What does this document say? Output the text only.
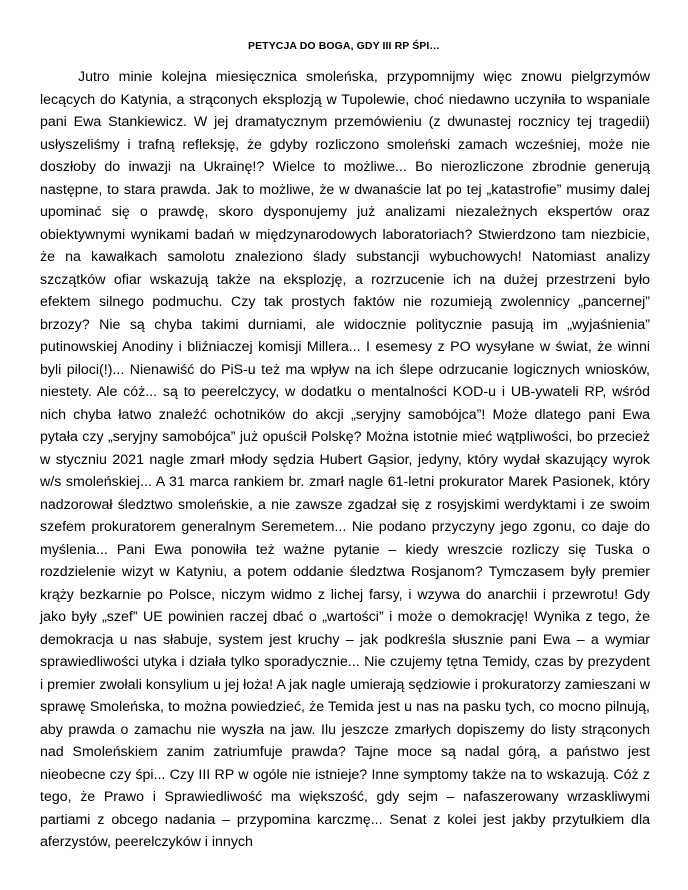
PETYCJA DO BOGA, GDY III RP ŚPI…

Jutro minie kolejna miesięcznica smoleńska, przypomnijmy więc znowu pielgrzymów lecących do Katynia, a strąconych eksplozją w Tupolewie, choć niedawno uczyniła to wspaniale pani Ewa Stankiewicz. W jej dramatycznym przemówieniu (z dwunastej rocznicy tej tragedii) usłyszeliśmy i trafną refleksję, że gdyby rozliczono smoleński zamach wcześniej, może nie doszłoby do inwazji na Ukrainę!? Wielce to możliwe... Bo nierozliczone zbrodnie generują następne, to stara prawda. Jak to możliwe, że w dwanaście lat po tej „katastrofie” musimy dalej upominać się o prawdę, skoro dysponujemy już analizami niezależnych ekspertów oraz obiektywnymi wynikami badań w międzynarodowych laboratoriach? Stwierdzono tam niezbicie, że na kawałkach samolotu znaleziono ślady substancji wybuchowych! Natomiast analizy szczątków ofiar wskazują także na eksplozję, a rozrzucenie ich na dużej przestrzeni było efektem silnego podmuchu. Czy tak prostych faktów nie rozumieją zwolennicy „pancernej” brzozy? Nie są chyba takimi durniami, ale widocznie politycznie pasują im „wyjaśnienia” putinowskiej Anodiny i bliźniaczej komisji Millera... I esemesy z PO wysyłane w świat, że winni byli piloci(!)... Nienawiść do PiS-u też ma wpływ na ich ślepe odrzucanie logicznych wniosków, niestety. Ale cóż... są to peerelczycy, w dodatku o mentalności KOD-u i UB-ywateli RP, wśród nich chyba łatwo znaleźć ochotników do akcji „seryjny samobójca”! Może dlatego pani Ewa pytała czy „seryjny samobójca” już opuścił Polskę? Można istotnie mieć wątpliwości, bo przecież w styczniu 2021 nagle zmarł młody sędzia Hubert Gąsior, jedyny, który wydał skazujący wyrok w/s smoleńskiej... A 31 marca rankiem br. zmarł nagle 61-letni prokurator Marek Pasionek, który nadzorował śledztwo smoleńskie, a nie zawsze zgadzał się z rosyjskimi werdyktami i ze swoim szefem prokuratorem generalnym Seremetem... Nie podano przyczyny jego zgonu, co daje do myślenia... Pani Ewa ponowiła też ważne pytanie – kiedy wreszcie rozliczy się Tuska o rozdzielenie wizyt w Katyniu, a potem oddanie śledztwa Rosjanom? Tymczasem były premier krąży bezkarnie po Polsce, niczym widmo z lichej farsy, i wzywa do anarchii i przewrotu! Gdy jako były „szef” UE powinien raczej dbać o „wartości” i może o demokrację! Wynika z tego, że demokracja u nas słabuje, system jest kruchy – jak podkreśla słusznie pani Ewa – a wymiar sprawiedliwości utyka i działa tylko sporadycznie... Nie czujemy tętna Temidy, czas by prezydent i premier zwołali konsylium u jej łoża! A jak nagle umierają sędziowie i prokuratorzy zamieszani w sprawę Smoleńska, to można powiedzieć, że Temida jest u nas na pasku tych, co mocno pilnują, aby prawda o zamachu nie wyszła na jaw. Ilu jeszcze zmarłych dopiszemy do listy strąconych nad Smoleńskiem zanim zatriumfuje prawda? Tajne moce są nadal górą, a państwo jest nieobecne czy śpi... Czy III RP w ogóle nie istnieje? Inne symptomy także na to wskazują. Cóż z tego, że Prawo i Sprawiedliwość ma większość, gdy sejm – nafaszerowany wrzaskliwymi partiami z obcego nadania – przypomina karczmę... Senat z kolei jest jakby przytułkiem dla aferzystów, peerelczyków i innych
